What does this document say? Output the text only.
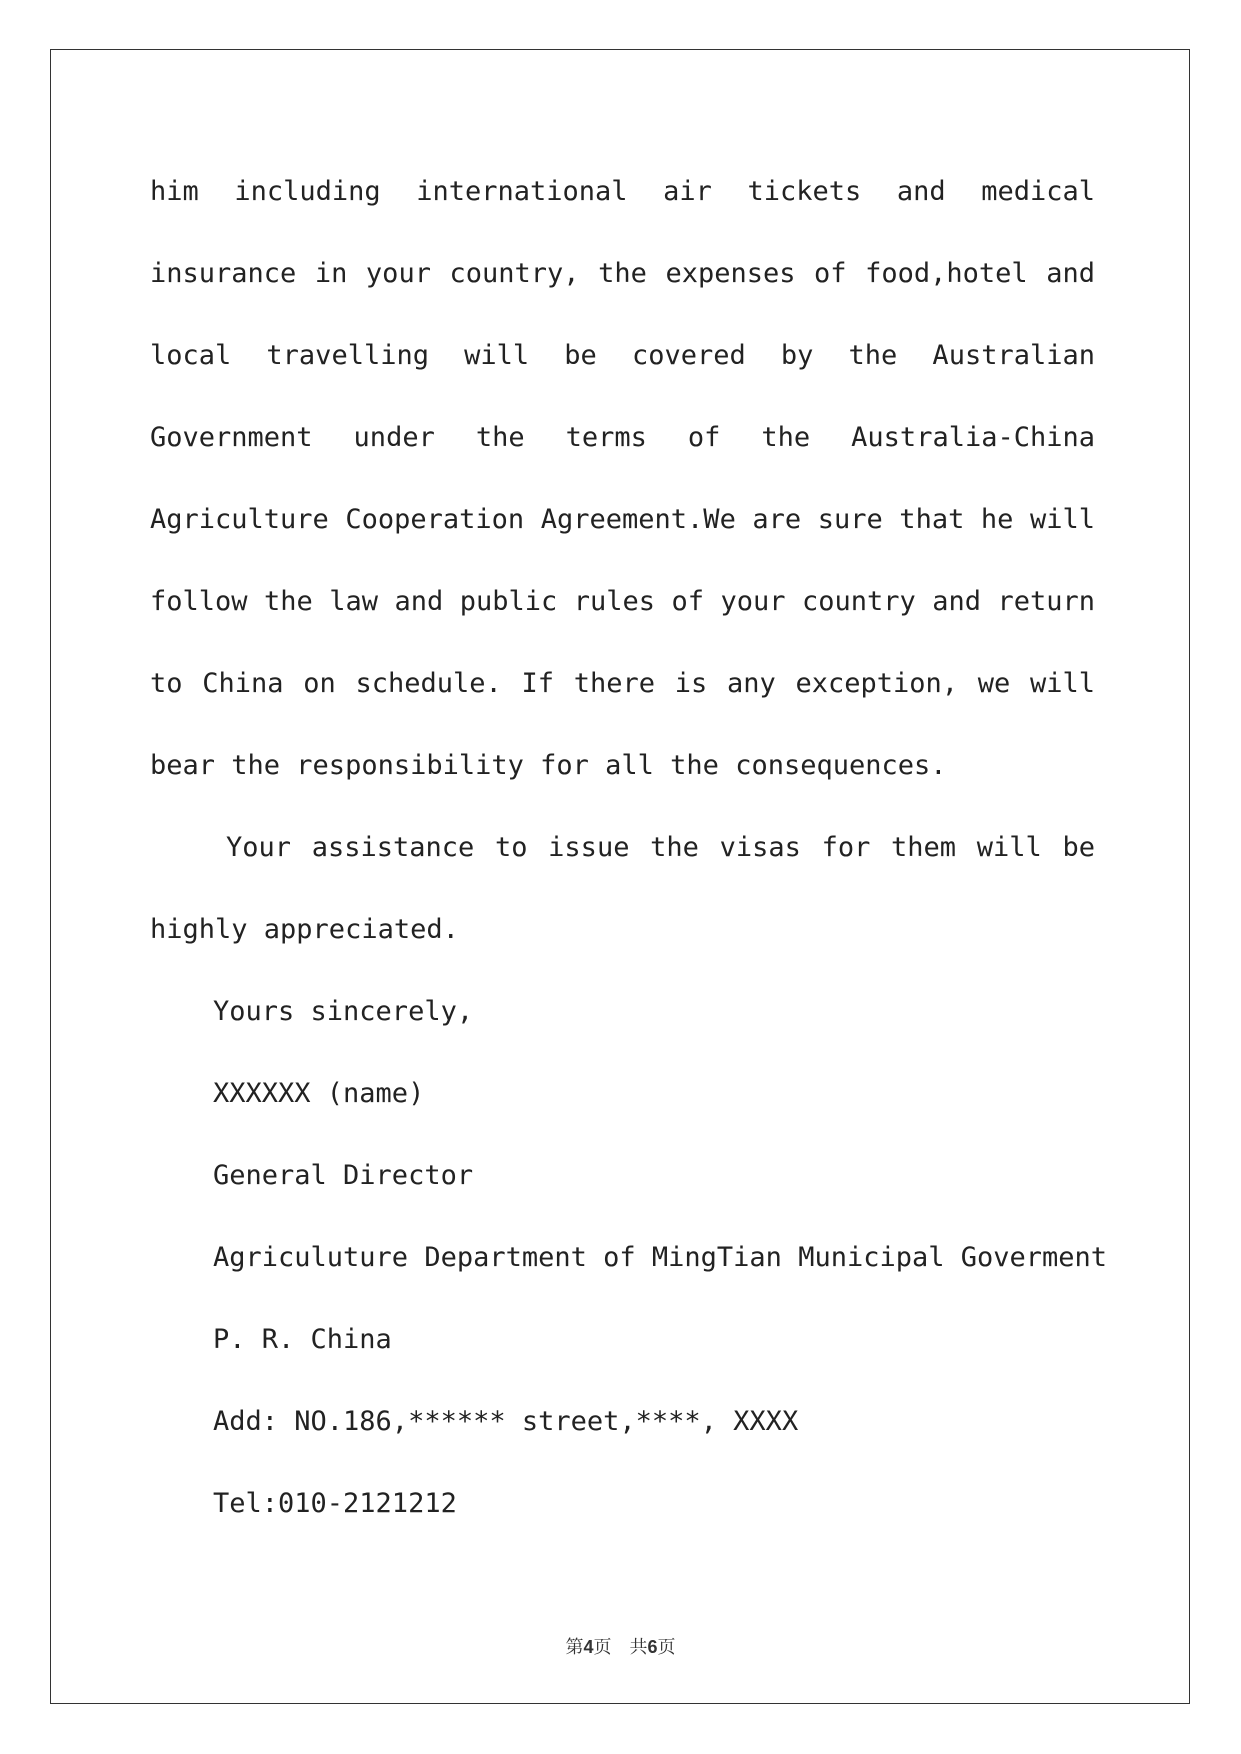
him including international air tickets and medical
insurance in your country, the expenses of food,hotel and
local travelling will be covered by the Australian
Government under the terms of the Australia-China
Agriculture Cooperation Agreement.We are sure that he will
follow the law and public rules of your country and return
to China on schedule. If there is any exception, we will
bear the responsibility for all the consequences.
Your assistance to issue the visas for them will be
highly appreciated.
Yours sincerely,
XXXXXX (name)
General Director
Agriculuture Department of MingTian Municipal Goverment
P. R. China
Add: NO.186,****** street,****, XXXX
Tel:010-2121212
第4页 共6页
